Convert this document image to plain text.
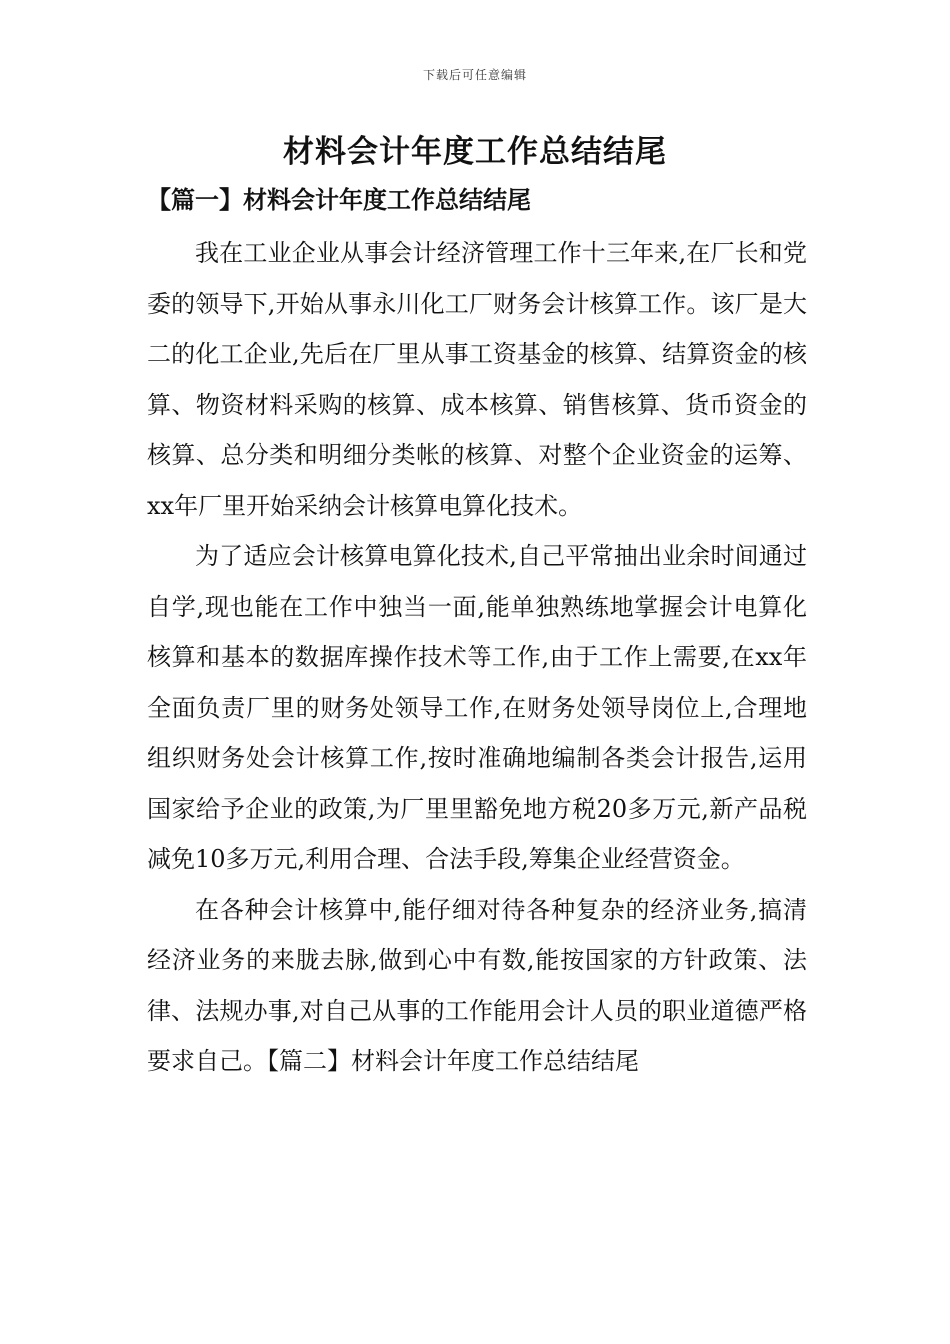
下载后可任意编辑
材料会计年度工作总结结尾
【篇一】材料会计年度工作总结结尾

我在工业企业从事会计经济管理工作十三年来,在厂长和党委的领导下,开始从事永川化工厂财务会计核算工作。该厂是大二的化工企业,先后在厂里从事工资基金的核算、结算资金的核算、物资材料采购的核算、成本核算、销售核算、货币资金的核算、总分类和明细分类帐的核算、对整个企业资金的运筹、xx年厂里开始采纳会计核算电算化技术。

为了适应会计核算电算化技术,自己平常抽出业余时间通过自学,现也能在工作中独当一面,能单独熟练地掌握会计电算化核算和基本的数据库操作技术等工作,由于工作上需要,在xx年全面负责厂里的财务处领导工作,在财务处领导岗位上,合理地组织财务处会计核算工作,按时准确地编制各类会计报告,运用国家给予企业的政策,为厂里里豁免地方税20多万元,新产品税减免10多万元,利用合理、合法手段,筹集企业经营资金。

在各种会计核算中,能仔细对待各种复杂的经济业务,搞清经济业务的来胧去脉,做到心中有数,能按国家的方针政策、法律、法规办事,对自己从事的工作能用会计人员的职业道德严格要求自己。【篇二】材料会计年度工作总结结尾
